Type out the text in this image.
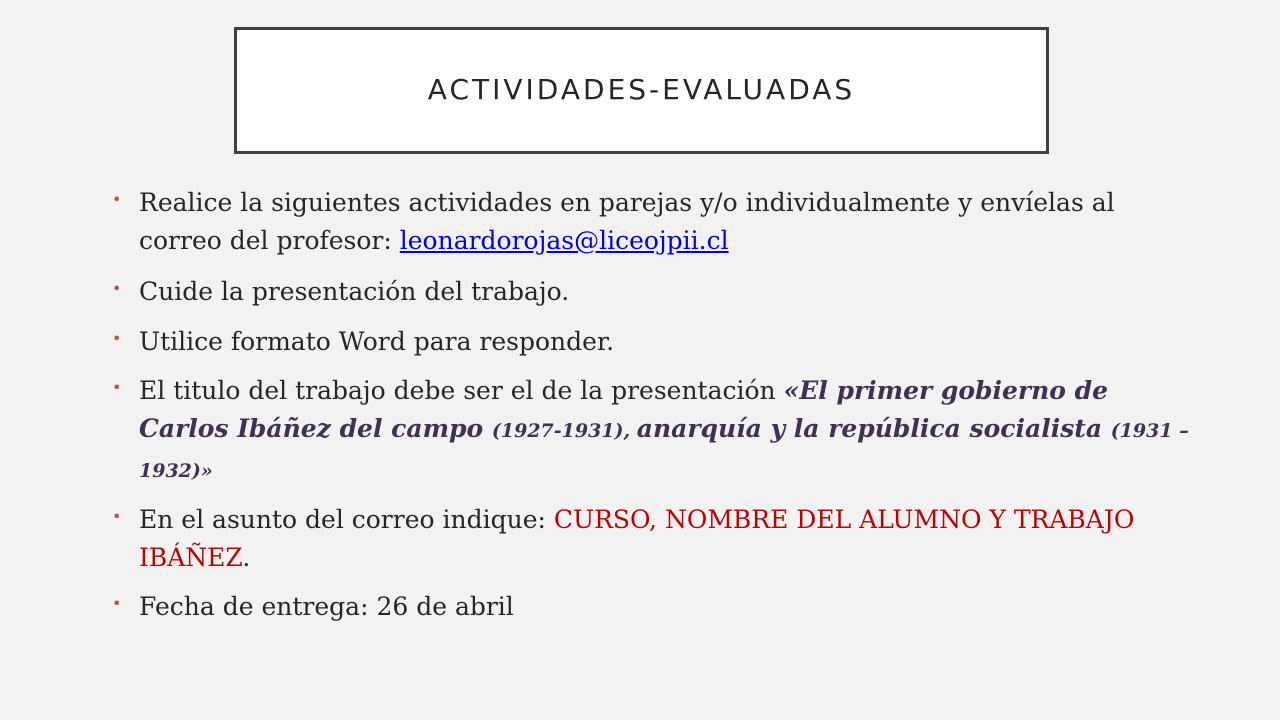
ACTIVIDADES-EVALUADAS
• Realice la siguientes actividades en parejas y/o individualmente y envíelas al correo del profesor: leonardorojas@liceojpii.cl
• Cuide la presentación del trabajo.
• Utilice formato Word para responder.
• El titulo del trabajo debe ser el de la presentación «El primer gobierno de Carlos Ibáñez del campo (1927-1931), anarquía y la república socialista (1931 – 1932)»
• En el asunto del correo indique: CURSO, NOMBRE DEL ALUMNO Y TRABAJO IBÁÑEZ.
• Fecha de entrega: 26 de abril
